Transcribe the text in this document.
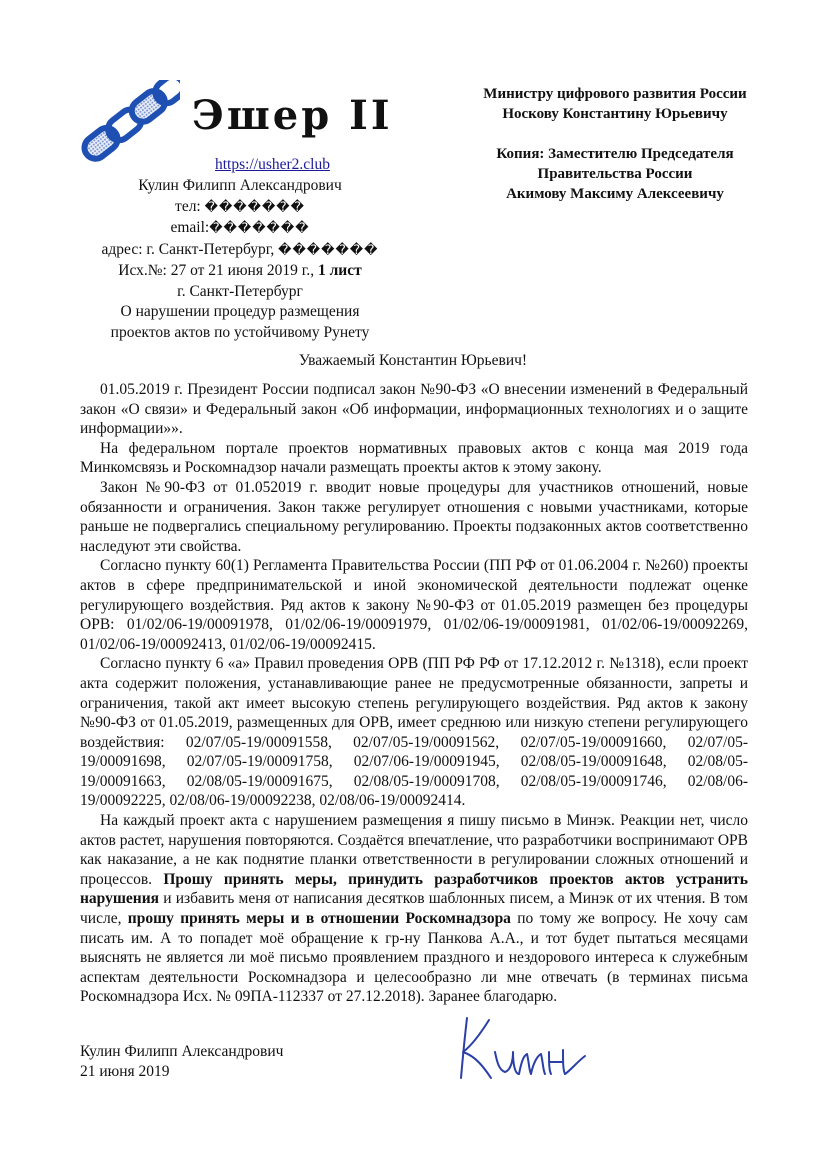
Эшер II
https://usher2.club
Кулин Филипп Александрович
тел: �������
email:�������
адрес: г. Санкт-Петербург, �������
Исх.№: 27 от 21 июня 2019 г., 1 лист
г. Санкт-Петербург
О нарушении процедур размещения
проектов актов по устойчивому Рунету
Министру цифрового развития России
Носкову Константину Юрьевичу
Копия: Заместителю Председателя
Правительства России
Акимову Максиму Алексеевичу
Уважаемый Константин Юрьевич!

01.05.2019 г. Президент России подписал закон №90-ФЗ «О внесении изменений в Федеральный закон «О связи» и Федеральный закон «Об информации, информационных технологиях и о защите информации»».

На федеральном портале проектов нормативных правовых актов с конца мая 2019 года Минкомсвязь и Роскомнадзор начали размещать проекты актов к этому закону.

Закон №90-ФЗ от 01.052019 г. вводит новые процедуры для участников отношений, новые обязанности и ограничения. Закон также регулирует отношения с новыми участниками, которые раньше не подвергались специальному регулированию. Проекты подзаконных актов соответственно наследуют эти свойства.

Согласно пункту 60(1) Регламента Правительства России (ПП РФ от 01.06.2004 г. №260) проекты актов в сфере предпринимательской и иной экономической деятельности подлежат оценке регулирующего воздействия. Ряд актов к закону №90-ФЗ от 01.05.2019 размещен без процедуры ОРВ: 01/02/06-19/00091978, 01/02/06-19/00091979, 01/02/06-19/00091981, 01/02/06-19/00092269, 01/02/06-19/00092413, 01/02/06-19/00092415.

Согласно пункту 6 «а» Правил проведения ОРВ (ПП РФ РФ от 17.12.2012 г. №1318), если проект акта содержит положения, устанавливающие ранее не предусмотренные обязанности, запреты и ограничения, такой акт имеет высокую степень регулирующего воздействия. Ряд актов к закону №90-ФЗ от 01.05.2019, размещенных для ОРВ, имеет среднюю или низкую степени регулирующего воздействия: 02/07/05-19/00091558, 02/07/05-19/00091562, 02/07/05-19/00091660, 02/07/05-19/00091698, 02/07/05-19/00091758, 02/07/06-19/00091945, 02/08/05-19/00091648, 02/08/05-19/00091663, 02/08/05-19/00091675, 02/08/05-19/00091708, 02/08/05-19/00091746, 02/08/06-19/00092225, 02/08/06-19/00092238, 02/08/06-19/00092414.

На каждый проект акта с нарушением размещения я пишу письмо в Минэк. Реакции нет, число актов растет, нарушения повторяются. Создаётся впечатление, что разработчики воспринимают ОРВ как наказание, а не как поднятие планки ответственности в регулировании сложных отношений и процессов. Прошу принять меры, принудить разработчиков проектов актов устранить нарушения и избавить меня от написания десятков шаблонных писем, а Минэк от их чтения. В том числе, прошу принять меры и в отношении Роскомнадзора по тому же вопросу. Не хочу сам писать им. А то попадет моё обращение к гр-ну Панкова А.А., и тот будет пытаться месяцами выяснять не является ли моё письмо проявлением праздного и нездорового интереса к служебным аспектам деятельности Роскомнадзора и целесообразно ли мне отвечать (в терминах письма Роскомнадзора Исх. № 09ПА-112337 от 27.12.2018). Заранее благодарю.

Кулин Филипп Александрович
21 июня 2019
